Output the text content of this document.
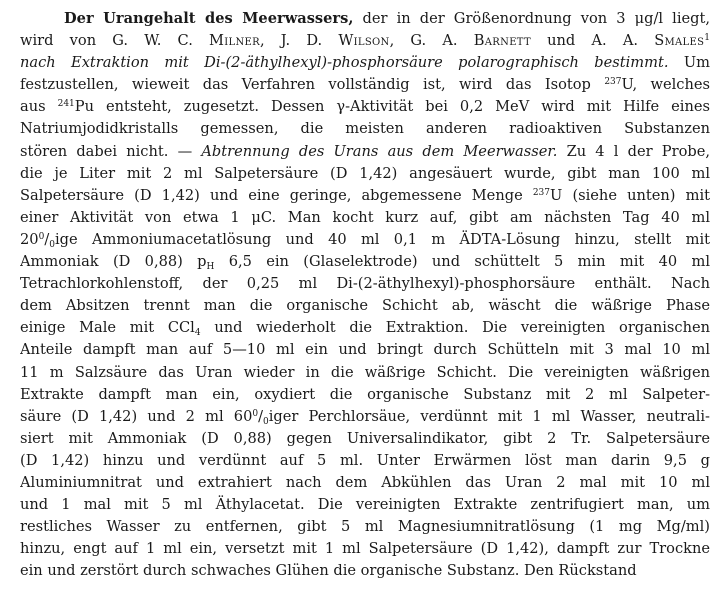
Der Urangehalt des Meerwassers, der in der Größenordnung von 3 μg/l liegt,
wird von G. W. C. Milner, J. D. Wilson, G. A. Barnett und A. A. Smales$^1$
nach Extraktion mit Di-(2-äthylhexyl)-phosphorsäure polarographisch bestimmt. Um
festzustellen, wieweit das Verfahren vollständig ist, wird das Isotop $^{237}$U, welches
aus $^{241}$Pu entsteht, zugesetzt. Dessen γ-Aktivität bei 0,2 MeV wird mit Hilfe eines
Natriumjodidkristalls gemessen, die meisten anderen radioaktiven Substanzen
stören dabei nicht. — Abtrennung des Urans aus dem Meerwasser. Zu 4 l der Probe,
die je Liter mit 2 ml Salpetersäure (D 1,42) angesäuert wurde, gibt man 100 ml
Salpetersäure (D 1,42) und eine geringe, abgemessene Menge $^{237}$U (siehe unten) mit
einer Aktivität von etwa 1 μC. Man kocht kurz auf, gibt am nächsten Tag 40 ml
$20^0/_0ige$ Ammoniumacetatlösung und 40 ml 0,1 m ÄDTA-Lösung hinzu, stellt mit
Ammoniak (D 0,88) $p_H$ 6,5 ein (Glaselektrode) und schüttelt 5 min mit 40 ml
Tetrachlorkohlenstoff, der 0,25 ml Di-(2-äthylhexyl)-phosphorsäure enthält. Nach
dem Absitzen trennt man die organische Schicht ab, wäscht die wäßrige Phase
einige Male mit CCl$_4$ und wiederholt die Extraktion. Die vereinigten organischen
Anteile dampft man auf 5—10 ml ein und bringt durch Schütteln mit 3 mal 10 ml
11 m Salzsäure das Uran wieder in die wäßrige Schicht. Die vereinigten wäßrigen
Extrakte dampft man ein, oxydiert die organische Substanz mit 2 ml Salpeter-
säure (D 1,42) und 2 ml $60^0/_0iger$ Perchlorsäue, verdünnt mit 1 ml Wasser, neutrali-
siert mit Ammoniak (D 0,88) gegen Universalindikator, gibt 2 Tr. Salpetersäure
(D 1,42) hinzu und verdünnt auf 5 ml. Unter Erwärmen löst man darin 9,5 g
Aluminiumnitrat und extrahiert nach dem Abkühlen das Uran 2 mal mit 10 ml
und 1 mal mit 5 ml Äthylacetat. Die vereinigten Extrakte zentrifugiert man, um
restliches Wasser zu entfernen, gibt 5 ml Magnesiumnitratlösung (1 mg Mg/ml)
hinzu, engt auf 1 ml ein, versetzt mit 1 ml Salpetersäure (D 1,42), dampft zur Trockne
ein und zerstört durch schwaches Glühen die organische Substanz. Den Rückstand
